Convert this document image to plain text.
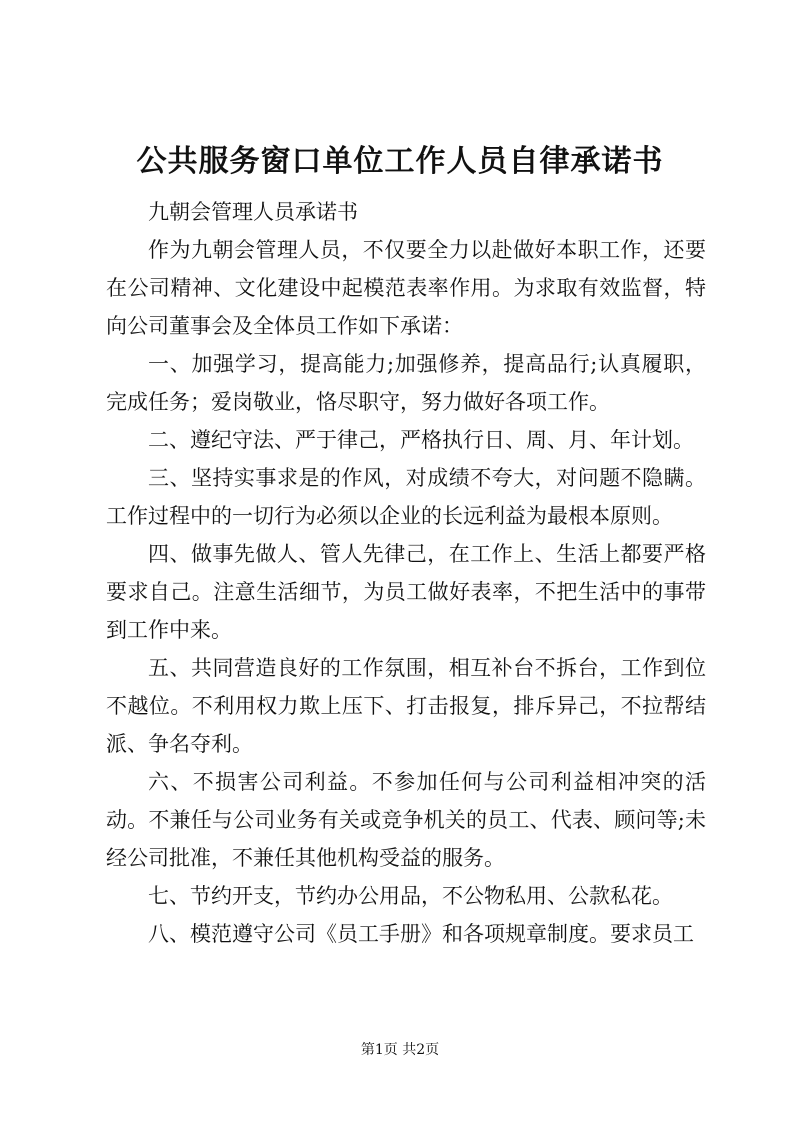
公共服务窗口单位工作人员自律承诺书

九朝会管理人员承诺书

作为九朝会管理人员，不仅要全力以赴做好本职工作，还要在公司精神、文化建设中起模范表率作用。为求取有效监督，特向公司董事会及全体员工作如下承诺：

一、加强学习，提高能力;加强修养，提高品行;认真履职，完成任务；爱岗敬业，恪尽职守，努力做好各项工作。

二、遵纪守法、严于律己，严格执行日、周、月、年计划。

三、坚持实事求是的作风，对成绩不夸大，对问题不隐瞒。工作过程中的一切行为必须以企业的长远利益为最根本原则。

四、做事先做人、管人先律己，在工作上、生活上都要严格要求自己。注意生活细节，为员工做好表率，不把生活中的事带到工作中来。

五、共同营造良好的工作氛围，相互补台不拆台，工作到位不越位。不利用权力欺上压下、打击报复，排斥异己，不拉帮结派、争名夺利。

六、不损害公司利益。不参加任何与公司利益相冲突的活动。不兼任与公司业务有关或竞争机关的员工、代表、顾问等;未经公司批准，不兼任其他机构受益的服务。

七、节约开支，节约办公用品，不公物私用、公款私花。

八、模范遵守公司《员工手册》和各项规章制度。要求员工

第1页 共2页
